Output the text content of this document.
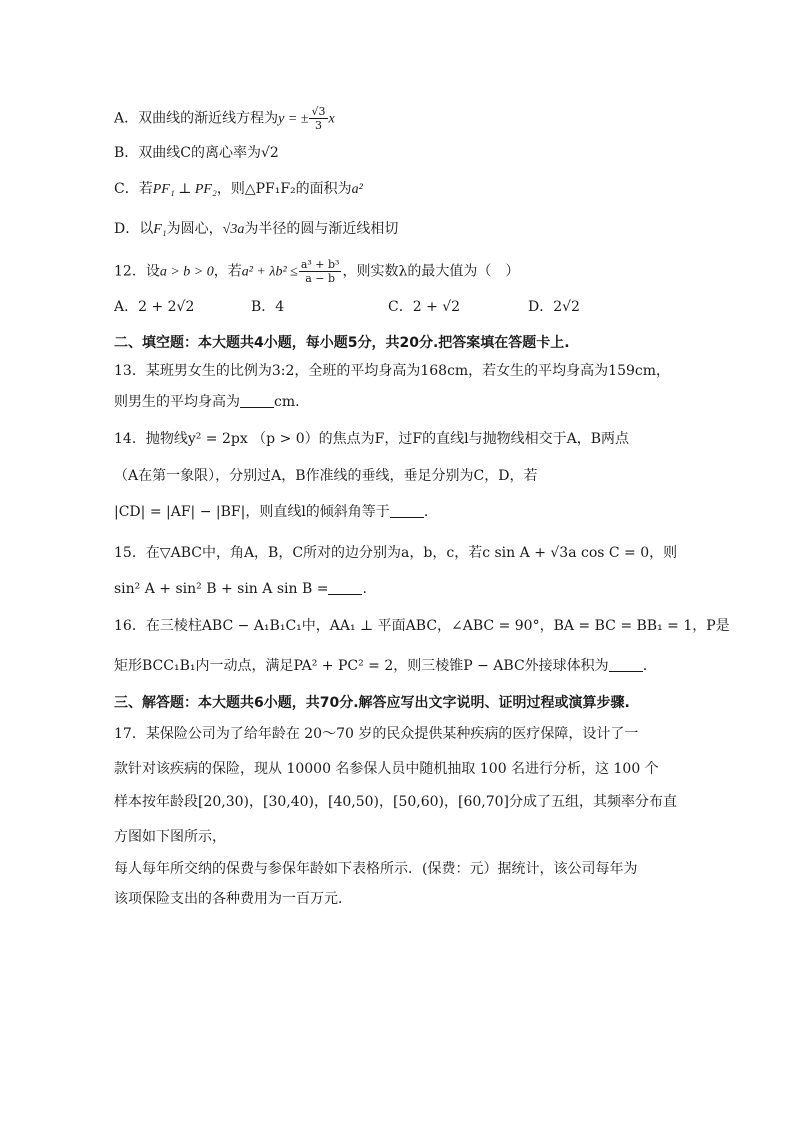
A．双曲线的渐近线方程为y = ± $\frac{√3}{3}$ x
B．双曲线C的离心率为√2
C．若PF₁ ⊥ PF₂，则△PF₁F₂的面积为a²
D．以F₁为圆心，√3a为半径的圆与渐近线相切
12．设a > b > 0，若$a^2 + \lambda b^2 \le \frac{\text{a³ + b³}}{a - b}$ ，则实数λ的最大值为（　）
A．2 + 2√2	B．4	C．2 + √2	D．2√2
二、填空题：本大题共4小题，每小题5分，共20分.把答案填在答题卡上.
13．某班男女生的比例为3:2，全班的平均身高为168cm，若女生的平均身高为159cm，
则男生的平均身高为 cm.
14．抛物线y² = 2px （p > 0）的焦点为F，过F的直线l与抛物线相交于A，B两点
（A在第一象限），分别过A，B作准线的垂线，垂足分别为C，D，若
|CD| = |AF| − |BF|，则直线l的倾斜角等于 .
15．在▽ABC中，角A，B，C所对的边分别为a，b，c，若c sin A + √3a cos C = 0，则
sin² A + sin² B + sin A sin B = .
16．在三棱柱ABC − A₁B₁C₁中，AA₁ ⊥ 平面ABC，∠ABC = 90°，BA = BC = BB₁ = 1，P是
矩形BCC₁B₁内一动点，满足PA² + PC² = 2，则三棱锥P − ABC外接球体积为 .
三、解答题：本大题共6小题，共70分.解答应写出文字说明、证明过程或演算步骤.
17．某保险公司为了给年龄在 20～70 岁的民众提供某种疾病的医疗保障，设计了一
款针对该疾病的保险，现从 10000 名参保人员中随机抽取 100 名进行分析，这 100 个
样本按年龄段[20,30)，[30,40)，[40,50)，[50,60)，[60,70]分成了五组，其频率分布直
方图如下图所示，
每人每年所交纳的保费与参保年龄如下表格所示．(保费：元）据统计，该公司每年为
该项保险支出的各种费用为一百万元．
